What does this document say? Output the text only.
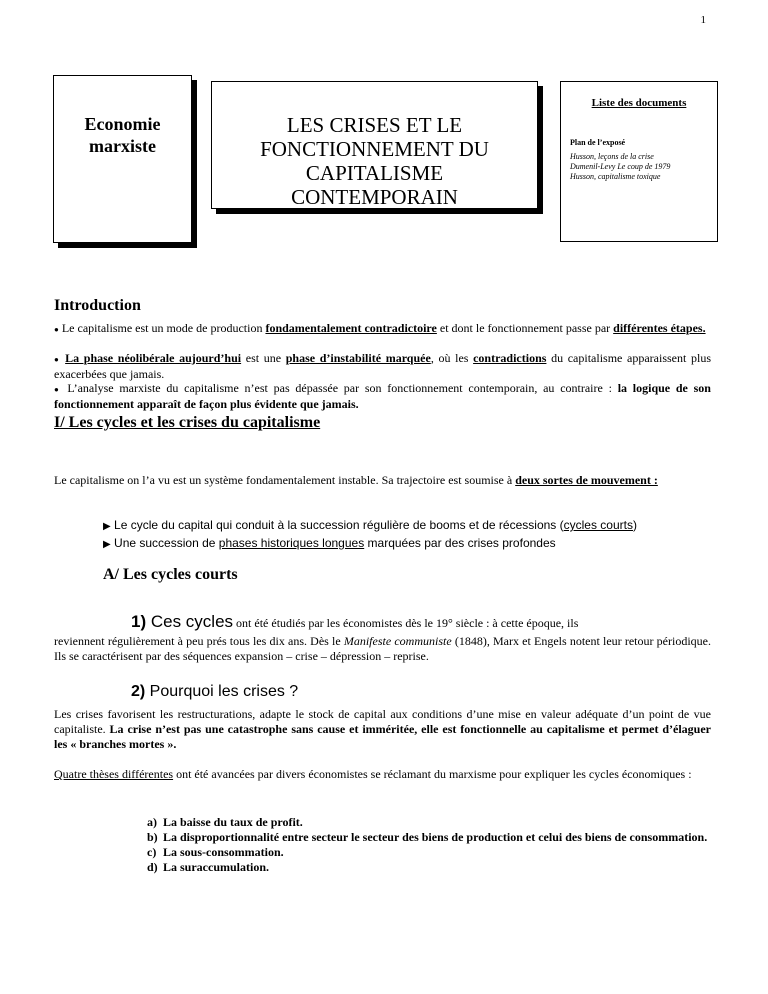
1
Economie
marxiste
LES CRISES ET LE
FONCTIONNEMENT DU
CAPITALISME
CONTEMPORAIN
Liste des documents
Plan de l’exposé
Husson, leçons de la crise
Dumenil-Levy Le coup de 1979
Husson, capitalisme toxique
Introduction
● Le capitalisme est un mode de production fondamentalement contradictoire et dont le fonctionnement passe par différentes étapes.
● La phase néolibérale aujourd’hui est une phase d’instabilité marquée, où les contradictions du capitalisme apparaissent plus exacerbées que jamais.
● L’analyse marxiste du capitalisme n’est pas dépassée par son fonctionnement contemporain, au contraire : la logique de son fonctionnement apparaît de façon plus évidente que jamais.
I/ Les cycles et les crises du capitalisme
Le capitalisme on l’a vu est un système fondamentalement instable. Sa trajectoire est soumise à deux sortes de mouvement :
▶ Le cycle du capital qui conduit à la succession régulière de booms et de récessions (cycles courts)
▶ Une succession de phases historiques longues marquées par des crises profondes
A/ Les cycles courts
1) Ces cycles ont été étudiés par les économistes dès le 19° siècle : à cette époque, ils
reviennent régulièrement à peu prés tous les dix ans. Dès le Manifeste communiste (1848), Marx et Engels notent leur retour périodique. Ils se caractérisent par des séquences expansion – crise – dépression – reprise.
2) Pourquoi les crises ?
Les crises favorisent les restructurations, adapte le stock de capital aux conditions d’une mise en valeur adéquate d’un point de vue capitaliste. La crise n’est pas une catastrophe sans cause et imméritée, elle est fonctionnelle au capitalisme et permet d’élaguer les « branches mortes ».
Quatre thèses différentes ont été avancées par divers économistes se réclamant du marxisme pour expliquer les cycles économiques :
a) La baisse du taux de profit.
b) La disproportionnalité entre secteur le secteur des biens de production et celui des biens de consommation.
c) La sous-consommation.
d) La suraccumulation.
